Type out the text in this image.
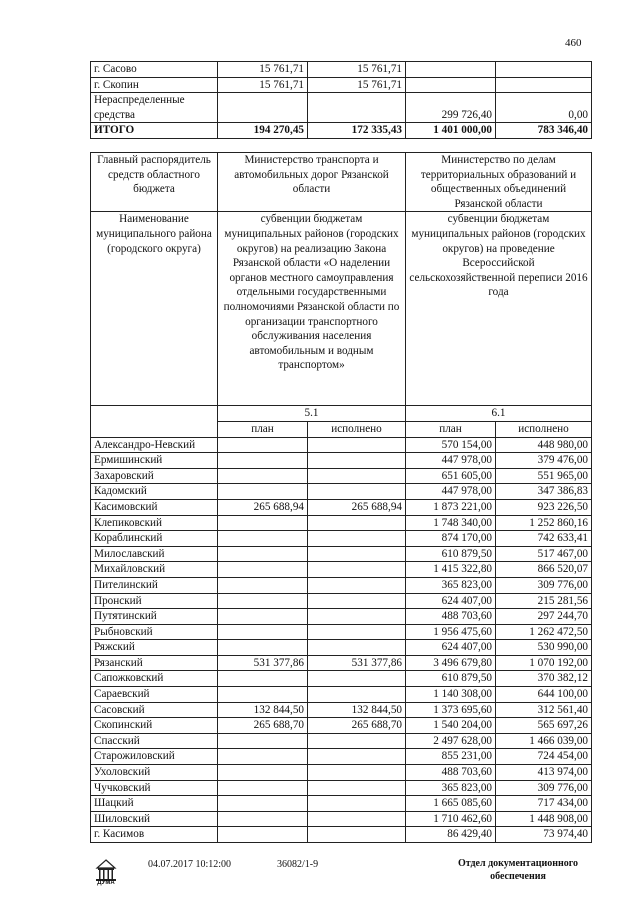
460
г. Сасово	15 761,71	15 761,71		
г. Скопин	15 761,71	15 761,71		
Нераспределенные средства			299 726,40	0,00
ИТОГО	194 270,45	172 335,43	1 401 000,00	783 346,40
Главный распорядитель средств областного бюджета	Министерство транспорта и автомобильных дорог Рязанской области		Министерство по делам территориальных образований и общественных объединений Рязанской области	
Наименование муниципального района (городского округа)	субвенции бюджетам муниципальных районов (городских округов) на реализацию Закона Рязанской области «О наделении органов местного самоуправления отдельными государственными полномочиями Рязанской области по организации транспортного обслуживания населения автомобильным и водным транспортом»		субвенции бюджетам муниципальных районов (городских округов) на проведение Всероссийской сельскохозяйственной переписи 2016 года	
	5.1		6.1	
	план	исполнено	план	исполнено
Александро-Невский			570 154,00	448 980,00
Ермишинский			447 978,00	379 476,00
Захаровский			651 605,00	551 965,00
Кадомский			447 978,00	347 386,83
Касимовский	265 688,94	265 688,94	1 873 221,00	923 226,50
Клепиковский			1 748 340,00	1 252 860,16
Кораблинский			874 170,00	742 633,41
Милославский			610 879,50	517 467,00
Михайловский			1 415 322,80	866 520,07
Пителинский			365 823,00	309 776,00
Пронский			624 407,00	215 281,56
Путятинский			488 703,60	297 244,70
Рыбновский			1 956 475,60	1 262 472,50
Ряжский			624 407,00	530 990,00
Рязанский	531 377,86	531 377,86	3 496 679,80	1 070 192,00
Сапожковский			610 879,50	370 382,12
Сараевский			1 140 308,00	644 100,00
Сасовский	132 844,50	132 844,50	1 373 695,60	312 561,40
Скопинский	265 688,70	265 688,70	1 540 204,00	565 697,26
Спасский			2 497 628,00	1 466 039,00
Старожиловский			855 231,00	724 454,00
Ухоловский			488 703,60	413 974,00
Чучковский			365 823,00	309 776,00
Шацкий			1 665 085,60	717 434,00
Шиловский			1 710 462,60	1 448 908,00
г. Касимов			86 429,40	73 974,40
ДУМА
04.07.2017 10:12:00	36082/1-9	Отдел документационного обеспечения
